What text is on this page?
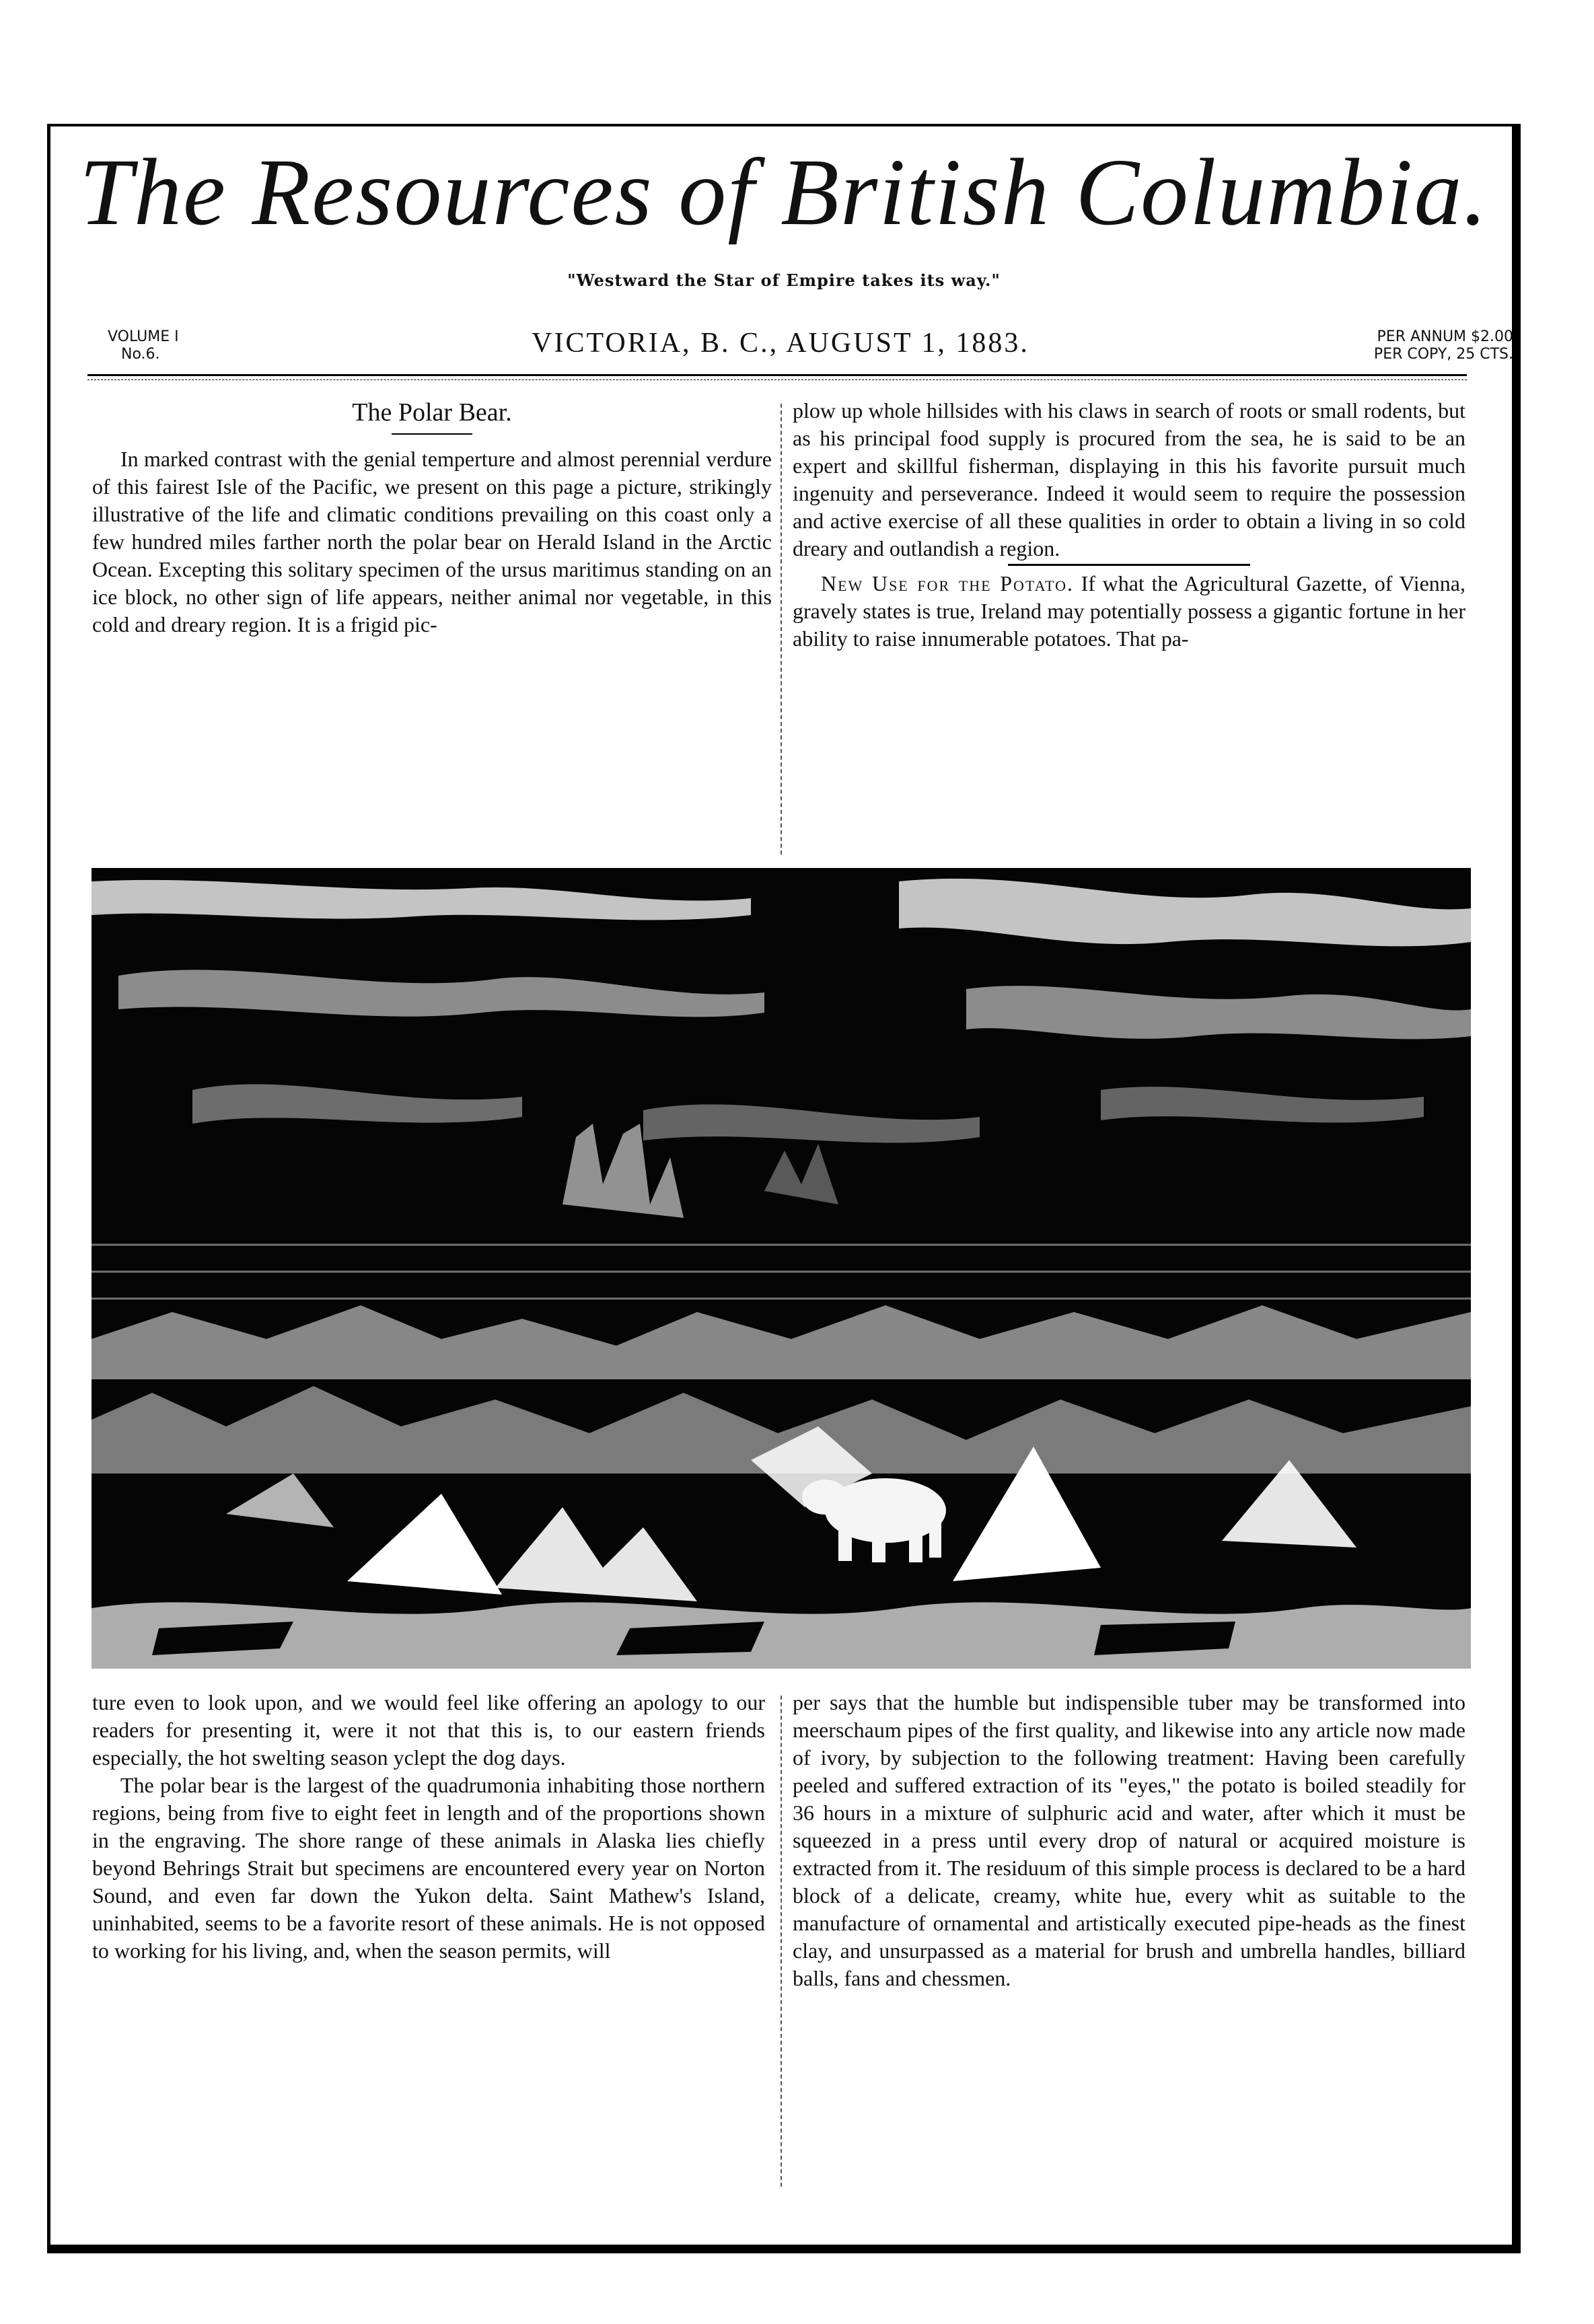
The Resources of British Columbia.
"Westward the Star of Empire takes its way."
VOLUME I
No.6.	VICTORIA, B. C., AUGUST 1, 1883.	PER ANNUM $2.00
PER COPY, 25 CTS.
The Polar Bear.

In marked contrast with the genial temperture and almost perennial verdure of this fairest Isle of the Pacific, we present on this page a picture, strikingly illustrative of the life and climatic conditions prevailing on this coast only a few hundred miles farther north the polar bear on Herald Island in the Arctic Ocean. Excepting this solitary specimen of the ursus maritimus standing on an ice block, no other sign of life appears, neither animal nor vegetable, in this cold and dreary region. It is a frigid pic-

plow up whole hillsides with his claws in search of roots or small rodents, but as his principal food supply is procured from the sea, he is said to be an expert and skillful fisherman, displaying in this his favorite pursuit much ingenuity and perseverance. Indeed it would seem to require the possession and active exercise of all these qualities in order to obtain a living in so cold dreary and outlandish a region.

New Use for the Potato. If what the Agricultural Gazette, of Vienna, gravely states is true, Ireland may potentially possess a gigantic fortune in her ability to raise innumerable potatoes. That pa-

ture even to look upon, and we would feel like offering an apology to our readers for presenting it, were it not that this is, to our eastern friends especially, the hot swelting season yclept the dog days.

The polar bear is the largest of the quadrumonia inhabiting those northern regions, being from five to eight feet in length and of the proportions shown in the engraving. The shore range of these animals in Alaska lies chiefly beyond Behrings Strait but specimens are encountered every year on Norton Sound, and even far down the Yukon delta. Saint Mathew's Island, uninhabited, seems to be a favorite resort of these animals. He is not opposed to working for his living, and, when the season permits, will

per says that the humble but indispensible tuber may be transformed into meerschaum pipes of the first quality, and likewise into any article now made of ivory, by subjection to the following treatment: Having been carefully peeled and suffered extraction of its "eyes," the potato is boiled steadily for 36 hours in a mixture of sulphuric acid and water, after which it must be squeezed in a press until every drop of natural or acquired moisture is extracted from it. The residuum of this simple process is declared to be a hard block of a delicate, creamy, white hue, every whit as suitable to the manufacture of ornamental and artistically executed pipe-heads as the finest clay, and unsurpassed as a material for brush and umbrella handles, billiard balls, fans and chessmen.
